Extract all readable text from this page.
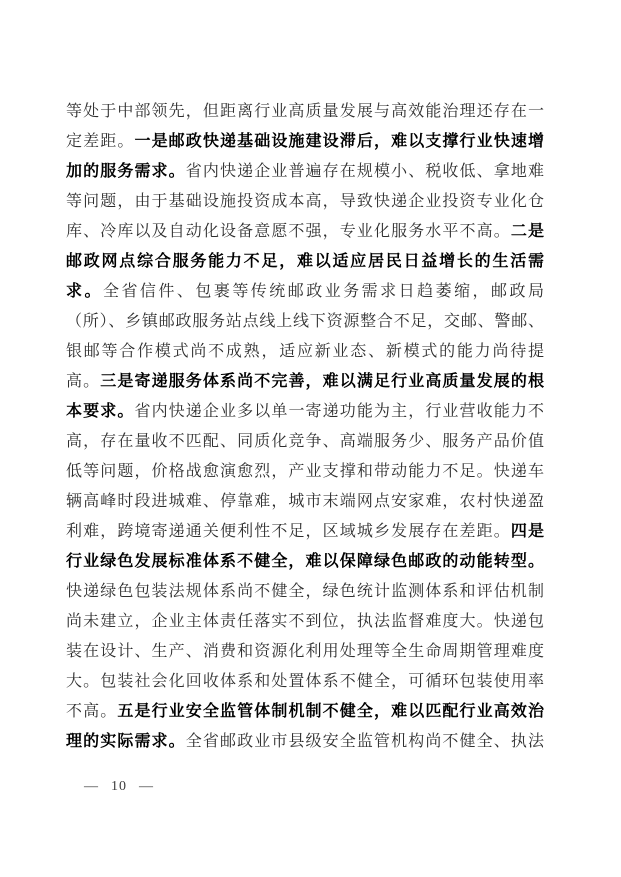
等处于中部领先，但距离行业高质量发展与高效能治理还存在一
定差距。一是邮政快递基础设施建设滞后，难以支撑行业快速增
加的服务需求。省内快递企业普遍存在规模小、税收低、拿地难
等问题，由于基础设施投资成本高，导致快递企业投资专业化仓
库、冷库以及自动化设备意愿不强，专业化服务水平不高。二是
邮政网点综合服务能力不足，难以适应居民日益增长的生活需
求。全省信件、包裹等传统邮政业务需求日趋萎缩，邮政局
（所）、乡镇邮政服务站点线上线下资源整合不足，交邮、警邮、
银邮等合作模式尚不成熟，适应新业态、新模式的能力尚待提
高。三是寄递服务体系尚不完善，难以满足行业高质量发展的根
本要求。省内快递企业多以单一寄递功能为主，行业营收能力不
高，存在量收不匹配、同质化竞争、高端服务少、服务产品价值
低等问题，价格战愈演愈烈，产业支撑和带动能力不足。快递车
辆高峰时段进城难、停靠难，城市末端网点安家难，农村快递盈
利难，跨境寄递通关便利性不足，区域城乡发展存在差距。四是
行业绿色发展标准体系不健全，难以保障绿色邮政的动能转型。
快递绿色包装法规体系尚不健全，绿色统计监测体系和评估机制
尚未建立，企业主体责任落实不到位，执法监督难度大。快递包
装在设计、生产、消费和资源化利用处理等全生命周期管理难度
大。包装社会化回收体系和处置体系不健全，可循环包装使用率
不高。五是行业安全监管体制机制不健全，难以匹配行业高效治
理的实际需求。全省邮政业市县级安全监管机构尚不健全、执法
— 10 —
